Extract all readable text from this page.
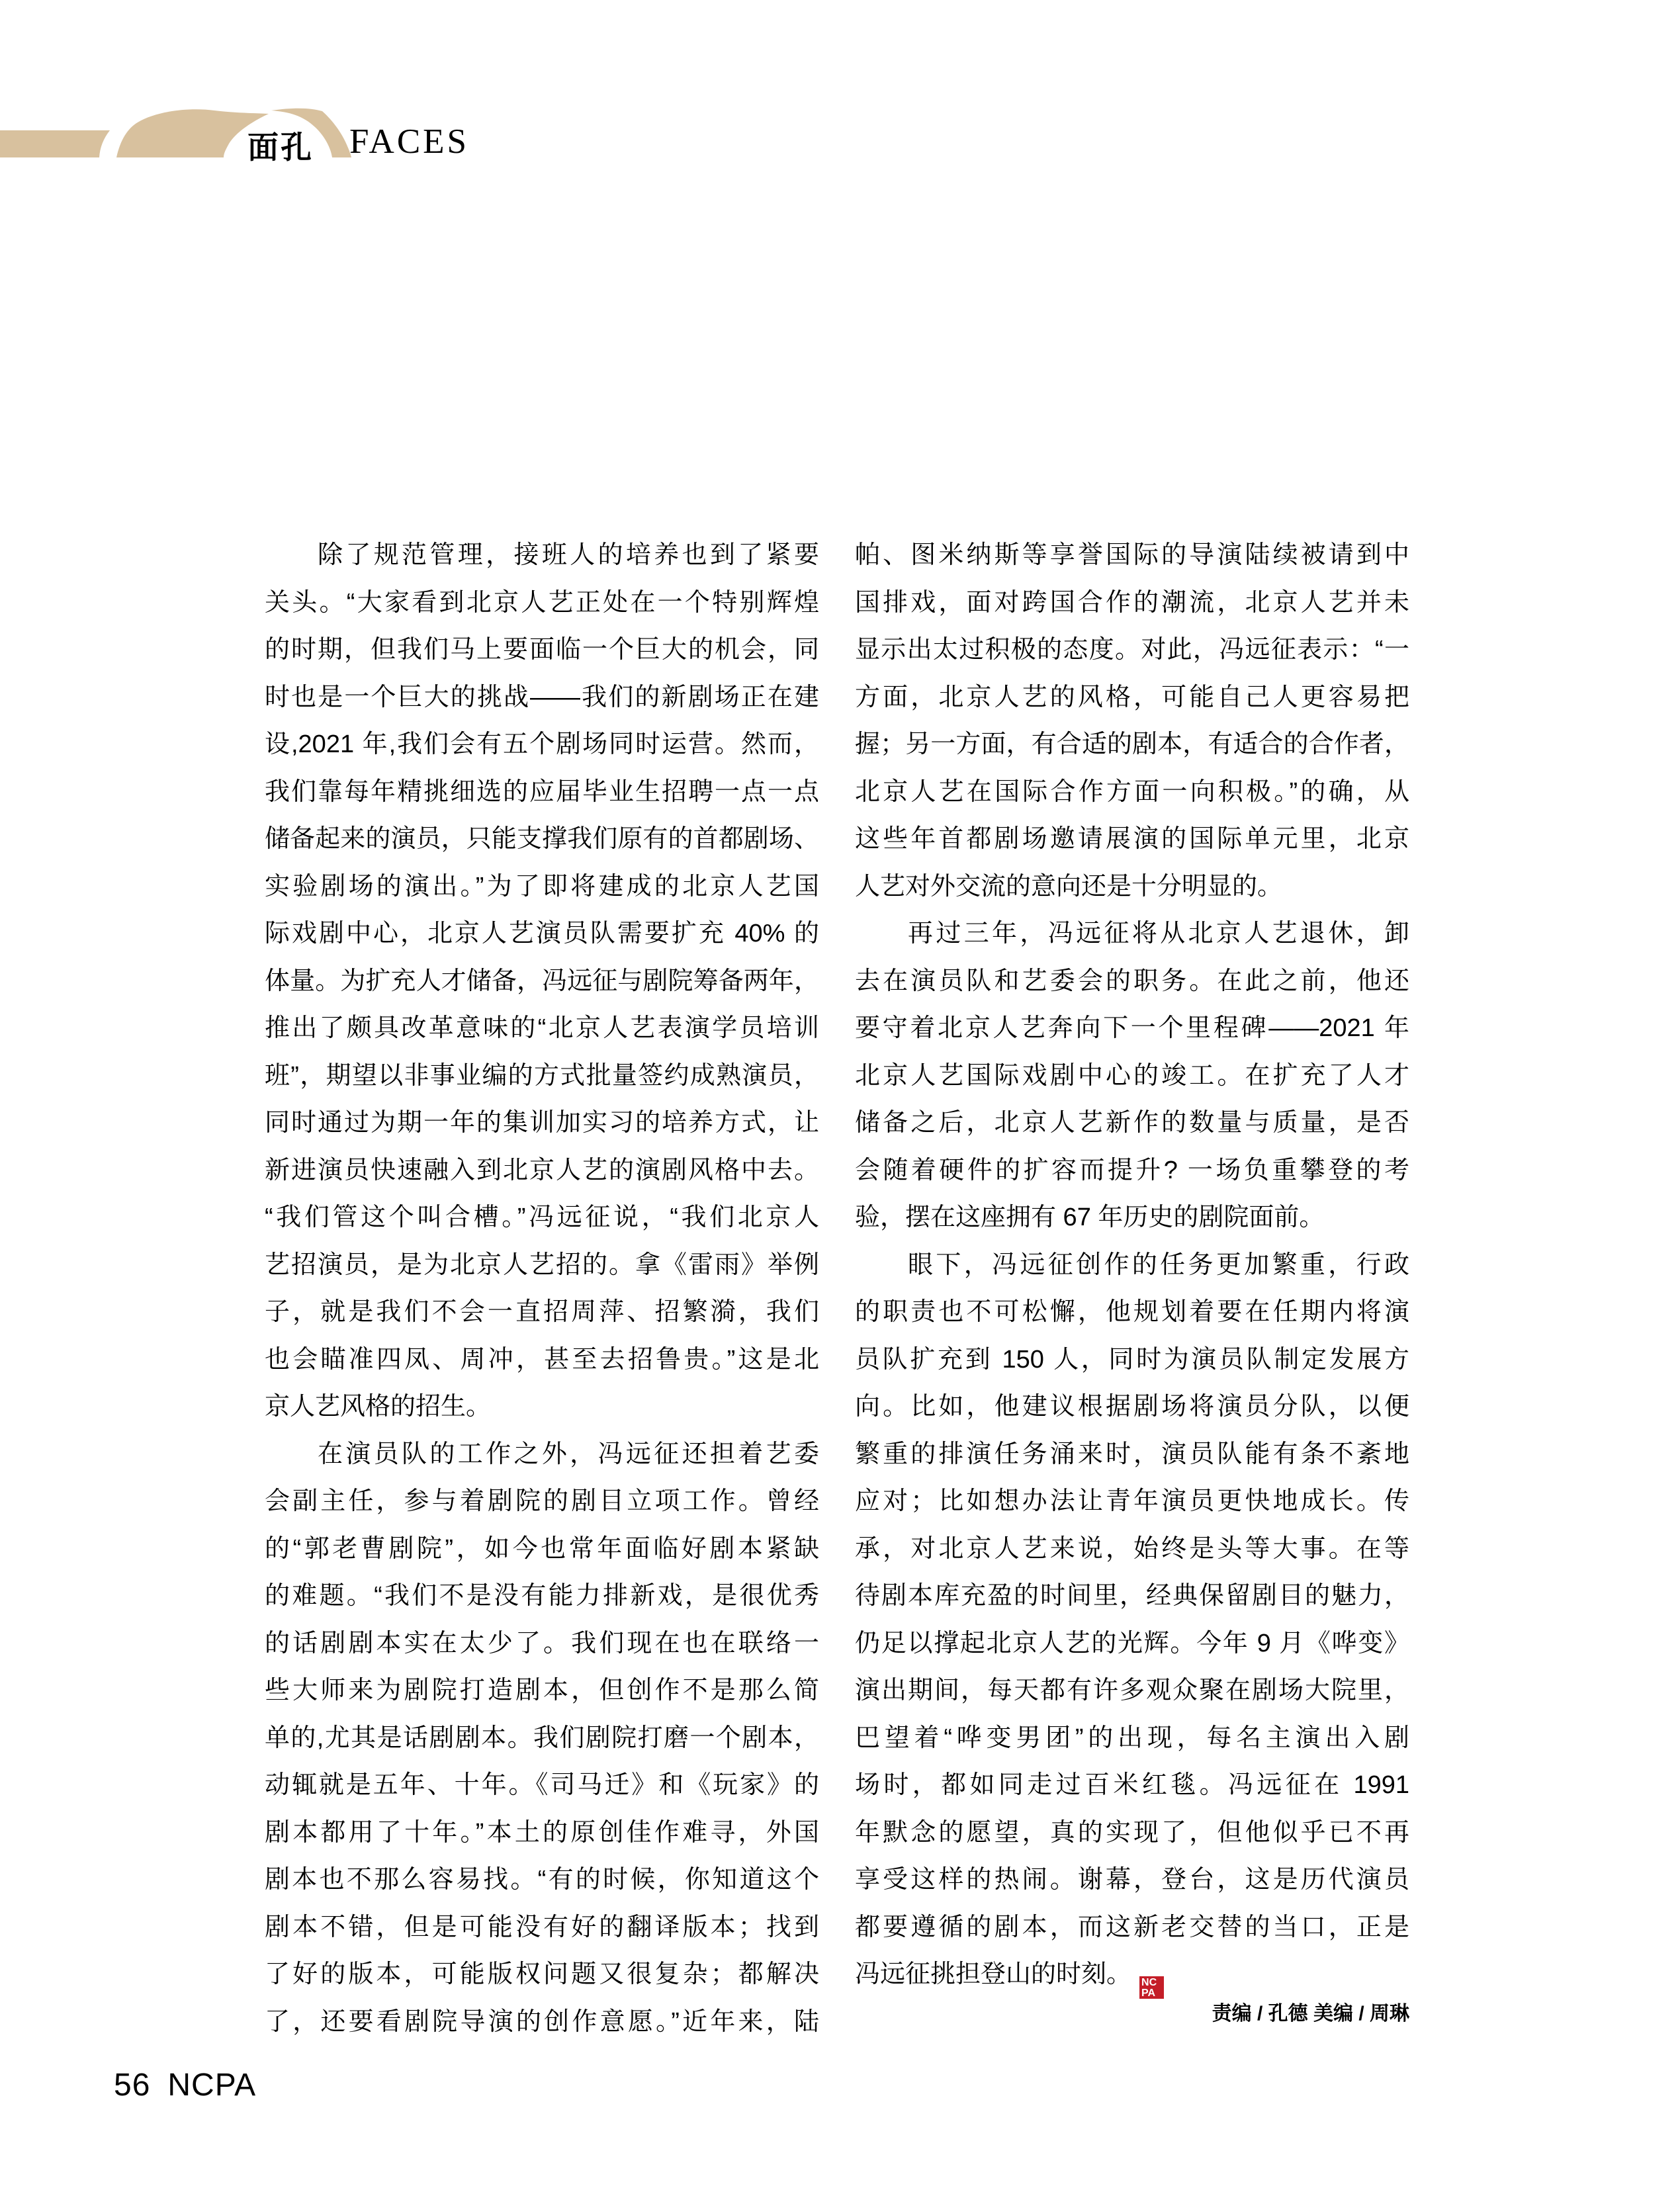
面孔 FACES
除了规范管理，接班人的培养也到了紧要
关头。“大家看到北京人艺正处在一个特别辉煌
的时期，但我们马上要面临一个巨大的机会，同
时也是一个巨大的挑战——我们的新剧场正在建
设,2021 年,我们会有五个剧场同时运营。然而，
我们靠每年精挑细选的应届毕业生招聘一点一点
储备起来的演员，只能支撑我们原有的首都剧场、
实验剧场的演出。”为了即将建成的北京人艺国
际戏剧中心，北京人艺演员队需要扩充 40% 的
体量。为扩充人才储备，冯远征与剧院筹备两年，
推出了颇具改革意味的“北京人艺表演学员培训
班”，期望以非事业编的方式批量签约成熟演员，
同时通过为期一年的集训加实习的培养方式，让
新进演员快速融入到北京人艺的演剧风格中去。
“我们管这个叫合槽。”冯远征说，“我们北京人
艺招演员，是为北京人艺招的。拿《雷雨》举例
子，就是我们不会一直招周萍、招繁漪，我们
也会瞄准四凤、周冲，甚至去招鲁贵。”这是北
京人艺风格的招生。
在演员队的工作之外，冯远征还担着艺委
会副主任，参与着剧院的剧目立项工作。曾经
的“郭老曹剧院”，如今也常年面临好剧本紧缺
的难题。“我们不是没有能力排新戏，是很优秀
的话剧剧本实在太少了。我们现在也在联络一
些大师来为剧院打造剧本，但创作不是那么简
单的,尤其是话剧剧本。我们剧院打磨一个剧本，
动辄就是五年、十年。《司马迁》和《玩家》的
剧本都用了十年。”本土的原创佳作难寻，外国
剧本也不那么容易找。“有的时候，你知道这个
剧本不错，但是可能没有好的翻译版本；找到
了好的版本，可能版权问题又很复杂；都解决
了，还要看剧院导演的创作意愿。”近年来，陆
帕、图米纳斯等享誉国际的导演陆续被请到中
国排戏，面对跨国合作的潮流，北京人艺并未
显示出太过积极的态度。对此，冯远征表示：“一
方面，北京人艺的风格，可能自己人更容易把
握；另一方面，有合适的剧本，有适合的合作者，
北京人艺在国际合作方面一向积极。”的确，从
这些年首都剧场邀请展演的国际单元里，北京
人艺对外交流的意向还是十分明显的。
再过三年，冯远征将从北京人艺退休，卸
去在演员队和艺委会的职务。在此之前，他还
要守着北京人艺奔向下一个里程碑——2021 年
北京人艺国际戏剧中心的竣工。在扩充了人才
储备之后，北京人艺新作的数量与质量，是否
会随着硬件的扩容而提升? 一场负重攀登的考
验，摆在这座拥有 67 年历史的剧院面前。
眼下，冯远征创作的任务更加繁重，行政
的职责也不可松懈，他规划着要在任期内将演
员队扩充到 150 人，同时为演员队制定发展方
向。比如，他建议根据剧场将演员分队，以便
繁重的排演任务涌来时，演员队能有条不紊地
应对；比如想办法让青年演员更快地成长。传
承，对北京人艺来说，始终是头等大事。在等
待剧本库充盈的时间里，经典保留剧目的魅力，
仍足以撑起北京人艺的光辉。今年 9 月《哗变》
演出期间，每天都有许多观众聚在剧场大院里，
巴望着“哗变男团”的出现，每名主演出入剧
场时，都如同走过百米红毯。冯远征在 1991
年默念的愿望，真的实现了，但他似乎已不再
享受这样的热闹。谢幕，登台，这是历代演员
都要遵循的剧本，而这新老交替的当口，正是
冯远征挑担登山的时刻。 NC
PA
责编 / 孔德 美编 / 周琳
56 NCPA
